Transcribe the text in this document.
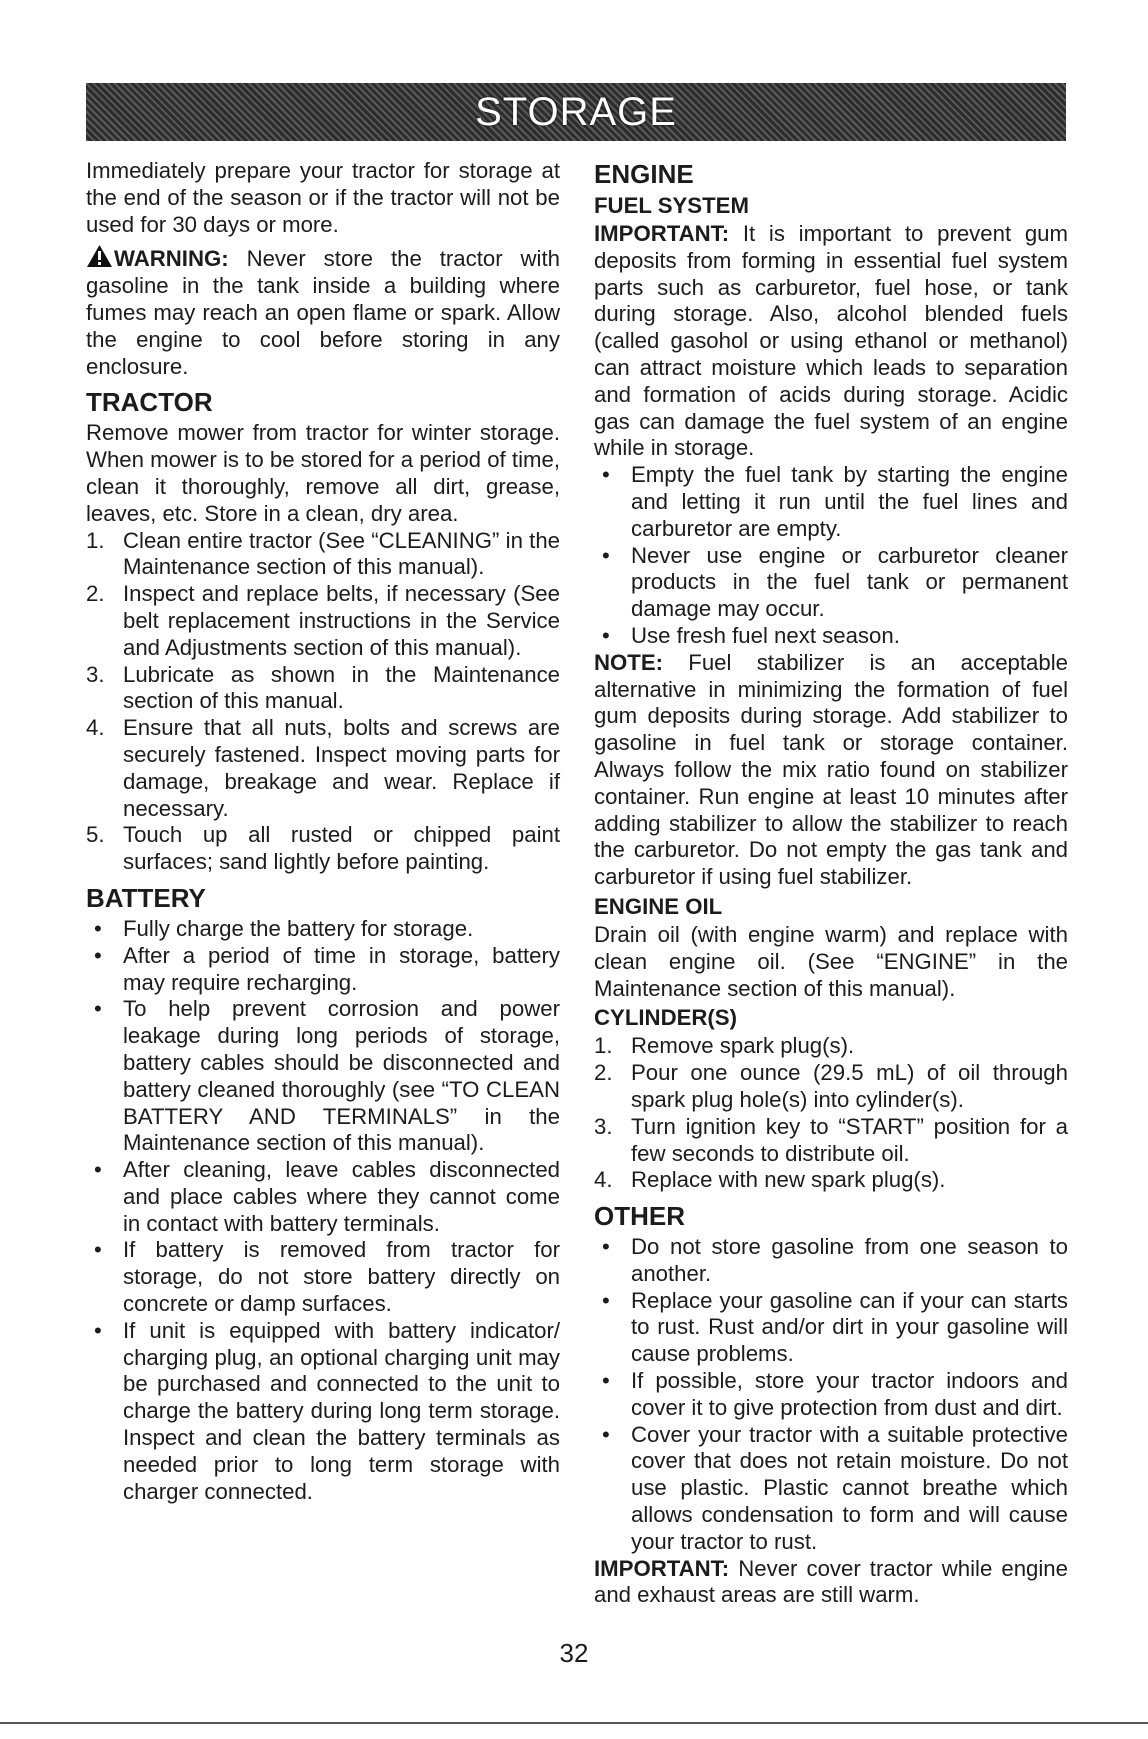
STORAGE

Immediately prepare your tractor for storage at the end of the season or if the tractor will not be used for 30 days or more.

WARNING: Never store the tractor with gasoline in the tank inside a building where fumes may reach an open flame or spark. Allow the engine to cool before storing in any enclosure.

TRACTOR

Remove mower from tractor for winter storage. When mower is to be stored for a period of time, clean it thoroughly, remove all dirt, grease, leaves, etc. Store in a clean, dry area.

1. Clean entire tractor (See “CLEANING” in the Maintenance section of this manual).
2. Inspect and replace belts, if necessary (See belt replacement instructions in the Service and Adjustments section of this manual).
3. Lubricate as shown in the Maintenance section of this manual.
4. Ensure that all nuts, bolts and screws are securely fastened. Inspect moving parts for damage, breakage and wear. Replace if necessary.
5. Touch up all rusted or chipped paint surfaces; sand lightly before painting.
BATTERY
• Fully charge the battery for storage.
• After a period of time in storage, battery may require recharging.
• To help prevent corrosion and power leakage during long periods of storage, battery cables should be disconnected and battery cleaned thoroughly (see “TO CLEAN BATTERY AND TERMINALS” in the Maintenance section of this manual).
• After cleaning, leave cables disconnected and place cables where they cannot come in contact with battery terminals.
• If battery is removed from tractor for storage, do not store battery directly on concrete or damp surfaces.
• If unit is equipped with battery indicator/ charging plug, an optional charging unit may be purchased and connected to the unit to charge the battery during long term storage. Inspect and clean the battery terminals as needed prior to long term storage with charger connected.
ENGINE
FUEL SYSTEM

IMPORTANT: It is important to prevent gum deposits from forming in essential fuel system parts such as carburetor, fuel hose, or tank during storage. Also, alcohol blended fuels (called gasohol or using ethanol or methanol) can attract moisture which leads to separation and formation of acids during storage. Acidic gas can damage the fuel system of an engine while in storage.

• Empty the fuel tank by starting the engine and letting it run until the fuel lines and carburetor are empty.
• Never use engine or carburetor cleaner products in the fuel tank or permanent damage may occur.
• Use fresh fuel next season.

NOTE: Fuel stabilizer is an acceptable alternative in minimizing the formation of fuel gum deposits during storage. Add stabilizer to gasoline in fuel tank or storage container. Always follow the mix ratio found on stabilizer container. Run engine at least 10 minutes after adding stabilizer to allow the stabilizer to reach the carburetor. Do not empty the gas tank and carburetor if using fuel stabilizer.

ENGINE OIL

Drain oil (with engine warm) and replace with clean engine oil. (See “ENGINE” in the Maintenance section of this manual).

CYLINDER(S)
1. Remove spark plug(s).
2. Pour one ounce (29.5 mL) of oil through spark plug hole(s) into cylinder(s).
3. Turn ignition key to “START” position for a few seconds to distribute oil.
4. Replace with new spark plug(s).
OTHER
• Do not store gasoline from one season to another.
• Replace your gasoline can if your can starts to rust. Rust and/or dirt in your gasoline will cause problems.
• If possible, store your tractor indoors and cover it to give protection from dust and dirt.
• Cover your tractor with a suitable protective cover that does not retain moisture. Do not use plastic. Plastic cannot breathe which allows condensation to form and will cause your tractor to rust.

IMPORTANT: Never cover tractor while engine and exhaust areas are still warm.

32
